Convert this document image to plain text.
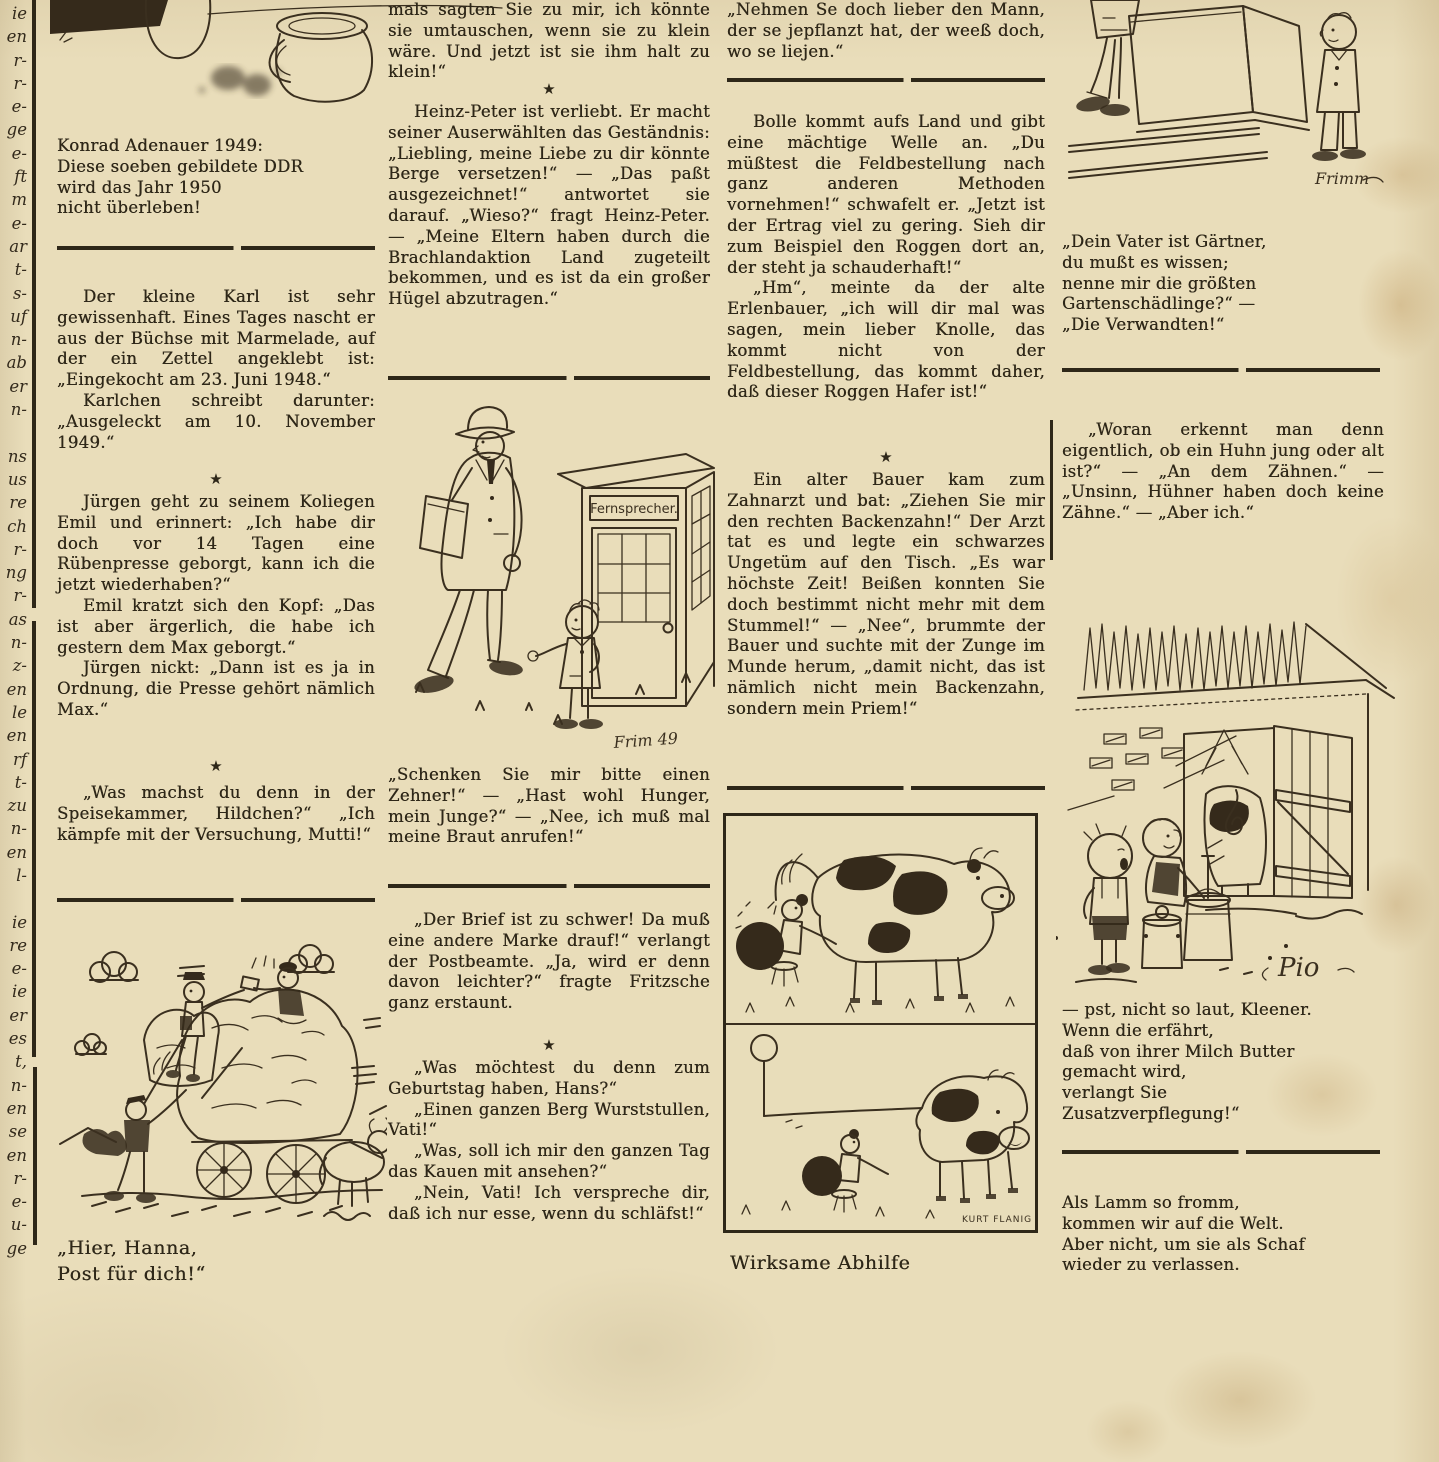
ie
en
r-
r-
e-
ge
e-
ft
m
e-
ar
t-
s-
uf
n-
ab
er
n-
ns
us
re
ch
r-
ng
r-
as
n-
z-
en
le
en
rf
t-
zu
n-
en
l-
ie
re
e-
ie
er
es
t,
n-
en
se
en
r-
e-
u-
ge
Konrad Adenauer 1949:
Diese soeben gebildete DDR
wird das Jahr 1950
nicht überleben!

Der kleine Karl ist sehr gewissenhaft. Eines Tages nascht er aus der Büchse mit Marmelade, auf der ein Zettel angeklebt ist: „Eingekocht am 23. Juni 1948.“

Karlchen schreibt darunter: „Ausgeleckt am 10. November 1949.“

★

Jürgen geht zu seinem Koliegen Emil und erinnert: „Ich habe dir doch vor 14 Tagen eine Rübenpresse geborgt, kann ich die jetzt wiederhaben?“

Emil kratzt sich den Kopf: „Das ist aber ärgerlich, die habe ich gestern dem Max geborgt.“

Jürgen nickt: „Dann ist es ja in Ordnung, die Presse gehört nämlich Max.“

★

„Was machst du denn in der Speisekammer, Hildchen?“ „Ich kämpfe mit der Versuchung, Mutti!“

„Hier, Hanna,
Post für dich!“

mals sagten Sie zu mir, ich könnte sie umtauschen, wenn sie zu klein wäre. Und jetzt ist sie ihm halt zu klein!“

★

Heinz-Peter ist verliebt. Er macht seiner Auserwählten das Geständnis: „Liebling, meine Liebe zu dir könnte Berge versetzen!“ — „Das paßt ausgezeichnet!“ antwortet sie darauf. „Wieso?“ fragt Heinz-Peter. — „Meine Eltern haben durch die Brachlandaktion Land zugeteilt bekommen, und es ist da ein großer Hügel abzutragen.“

Fernsprecher.
Frim 49

„Schenken Sie mir bitte einen Zehner!“ — „Hast wohl Hunger, mein Junge?“ — „Nee, ich muß mal meine Braut anrufen!“

„Der Brief ist zu schwer! Da muß eine andere Marke drauf!“ verlangt der Postbeamte. „Ja, wird er denn davon leichter?“ fragte Fritzsche ganz erstaunt.

★

„Was möchtest du denn zum Geburtstag haben, Hans?“

„Einen ganzen Berg Wurststullen, Vati!“

„Was, soll ich mir den ganzen Tag das Kauen mit ansehen?“

„Nein, Vati! Ich verspreche dir, daß ich nur esse, wenn du schläfst!“

„Nehmen Se doch lieber den Mann, der se jepflanzt hat, der weeß doch, wo se liejen.“

Bolle kommt aufs Land und gibt eine mächtige Welle an. „Du müßtest die Feldbestellung nach ganz anderen Methoden vornehmen!“ schwafelt er. „Jetzt ist der Ertrag viel zu gering. Sieh dir zum Beispiel den Roggen dort an, der steht ja schauderhaft!“

„Hm“, meinte da der alte Erlenbauer, „ich will dir mal was sagen, mein lieber Knolle, das kommt nicht von der Feldbestellung, das kommt daher, daß dieser Roggen Hafer ist!“

★

Ein alter Bauer kam zum Zahnarzt und bat: „Ziehen Sie mir den rechten Backenzahn!“ Der Arzt tat es und legte ein schwarzes Ungetüm auf den Tisch. „Es war höchste Zeit! Beißen konnten Sie doch bestimmt nicht mehr mit dem Stummel!“ — „Nee“, brummte der Bauer und suchte mit der Zunge im Munde herum, „damit nicht, das ist nämlich nicht mein Backenzahn, sondern mein Priem!“

KURT FLANIG
Wirksame Abhilfe
Frimm
„Dein Vater ist Gärtner,
du mußt es wissen;
nenne mir die größten
Gartenschädlinge?“ —
„Die Verwandten!“

„Woran erkennt man denn eigentlich, ob ein Huhn jung oder alt ist?“ — „An dem Zähnen.“ — „Unsinn, Hühner haben doch keine Zähne.“ — „Aber ich.“

Pio
— pst, nicht so laut, Kleener.
Wenn die erfährt,
daß von ihrer Milch Butter
gemacht wird,
verlangt Sie
Zusatzverpflegung!“
Als Lamm so fromm,
kommen wir auf die Welt.
Aber nicht, um sie als Schaf
wieder zu verlassen.
